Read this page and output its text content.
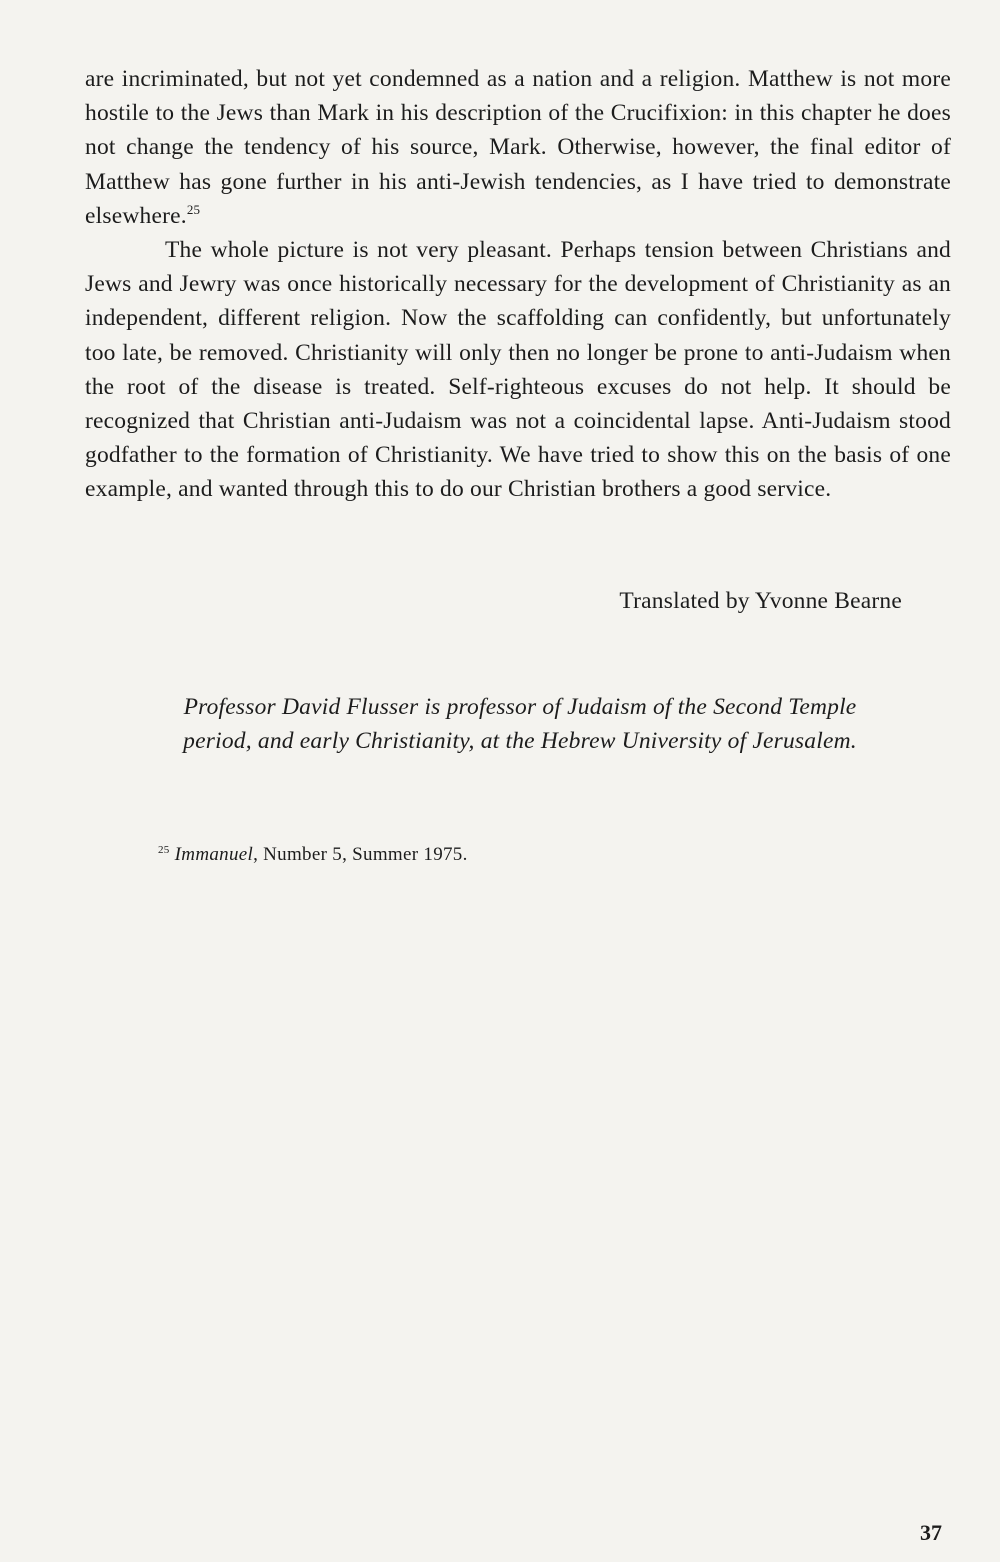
are incriminated, but not yet condemned as a nation and a religion. Matthew is not more hostile to the Jews than Mark in his description of the Crucifixion: in this chapter he does not change the tendency of his source, Mark. Otherwise, however, the final editor of Matthew has gone further in his anti-Jewish tendencies, as I have tried to demonstrate elsewhere.$^{25}$

The whole picture is not very pleasant. Perhaps tension between Christians and Jews and Jewry was once historically necessary for the development of Christianity as an independent, different religion. Now the scaffolding can confidently, but unfortunately too late, be removed. Christianity will only then no longer be prone to anti-Judaism when the root of the disease is treated. Self-righteous excuses do not help. It should be recognized that Christian anti-Judaism was not a coincidental lapse. Anti-Judaism stood godfather to the formation of Christianity. We have tried to show this on the basis of one example, and wanted through this to do our Christian brothers a good service.

Translated by Yvonne Bearne

Professor David Flusser is professor of Judaism of the Second Temple

period, and early Christianity, at the Hebrew University of Jerusalem.

$^{25}$ Immanuel, Number 5, Summer 1975.
37
